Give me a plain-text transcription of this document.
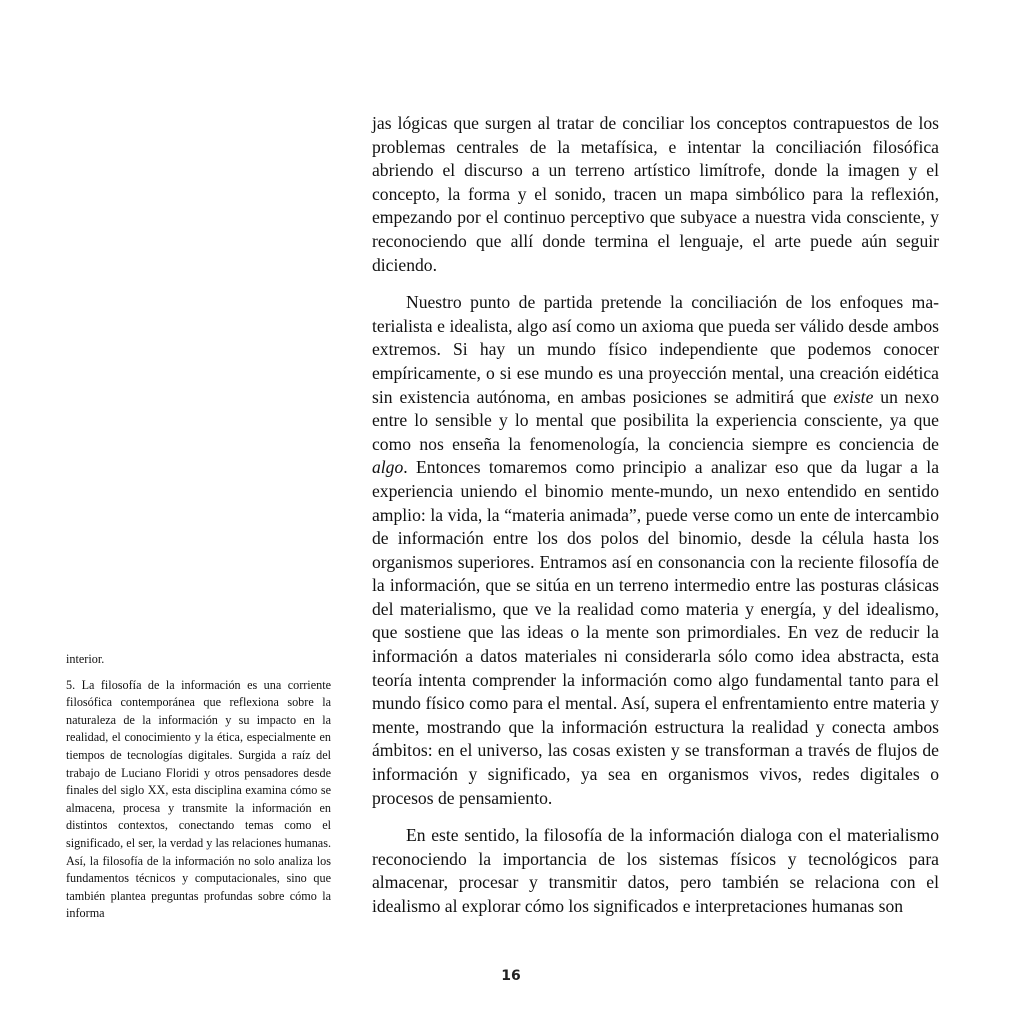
jas lógicas que surgen al tratar de conciliar los conceptos contrapuestos de los problemas centrales de la metafísica, e intentar la conciliación filosófica abriendo el discurso a un terreno artístico limítrofe, donde la imagen y el concepto, la forma y el sonido, tracen un mapa simbólico para la reflexión, empezando por el continuo perceptivo que subyace a nuestra vida consciente, y reconociendo que allí donde termina el lenguaje, el arte puede aún seguir diciendo.

Nuestro punto de partida pretende la conciliación de los enfoques materialista e idealista, algo así como un axioma que pueda ser válido desde ambos extremos. Si hay un mundo físico independiente que podemos conocer empíricamente, o si ese mundo es una proyección mental, una creación eidética sin existencia autónoma, en ambas posiciones se admitirá que existe un nexo entre lo sensible y lo mental que posibilita la experiencia consciente, ya que como nos enseña la fenomenología, la conciencia siempre es conciencia de algo. Entonces tomaremos como principio a analizar eso que da lugar a la experiencia uniendo el binomio mente-mundo, un nexo entendido en sentido amplio: la vida, la “materia animada”, puede verse como un ente de intercambio de información entre los dos polos del binomio, desde la célula hasta los organismos superiores. Entramos así en consonancia con la reciente filosofía de la información, que se sitúa en un terreno intermedio entre las posturas clásicas del materialismo, que ve la realidad como materia y energía, y del idealismo, que sostiene que las ideas o la mente son primordiales. En vez de reducir la información a datos materiales ni considerarla sólo como idea abstracta, esta teoría intenta comprender la información como algo fundamental tanto para el mundo físico como para el mental. Así, supera el enfrentamiento entre materia y mente, mostrando que la información estructura la realidad y conecta ambos ámbitos: en el universo, las cosas existen y se transforman a través de flujos de información y significado, ya sea en organismos vivos, redes digitales o procesos de pensamiento.

En este sentido, la filosofía de la información dialoga con el materialismo reconociendo la importancia de los sistemas físicos y tecnológicos para almacenar, procesar y transmitir datos, pero también se relaciona con el idealismo al explorar cómo los significados e interpretaciones humanas son

interior.

5. La filosofía de la información es una corriente filosófica contemporánea que reflexiona sobre la naturaleza de la información y su impacto en la realidad, el conocimiento y la ética, especialmente en tiempos de tecnologías digitales. Surgida a raíz del trabajo de Luciano Floridi y otros pensadores desde finales del siglo XX, esta disciplina examina cómo se almacena, procesa y transmite la información en distintos contextos, conectando temas como el significado, el ser, la verdad y las relaciones humanas. Así, la filosofía de la información no solo analiza los fundamentos técnicos y computacionales, sino que también plantea preguntas profundas sobre cómo la informa

16
